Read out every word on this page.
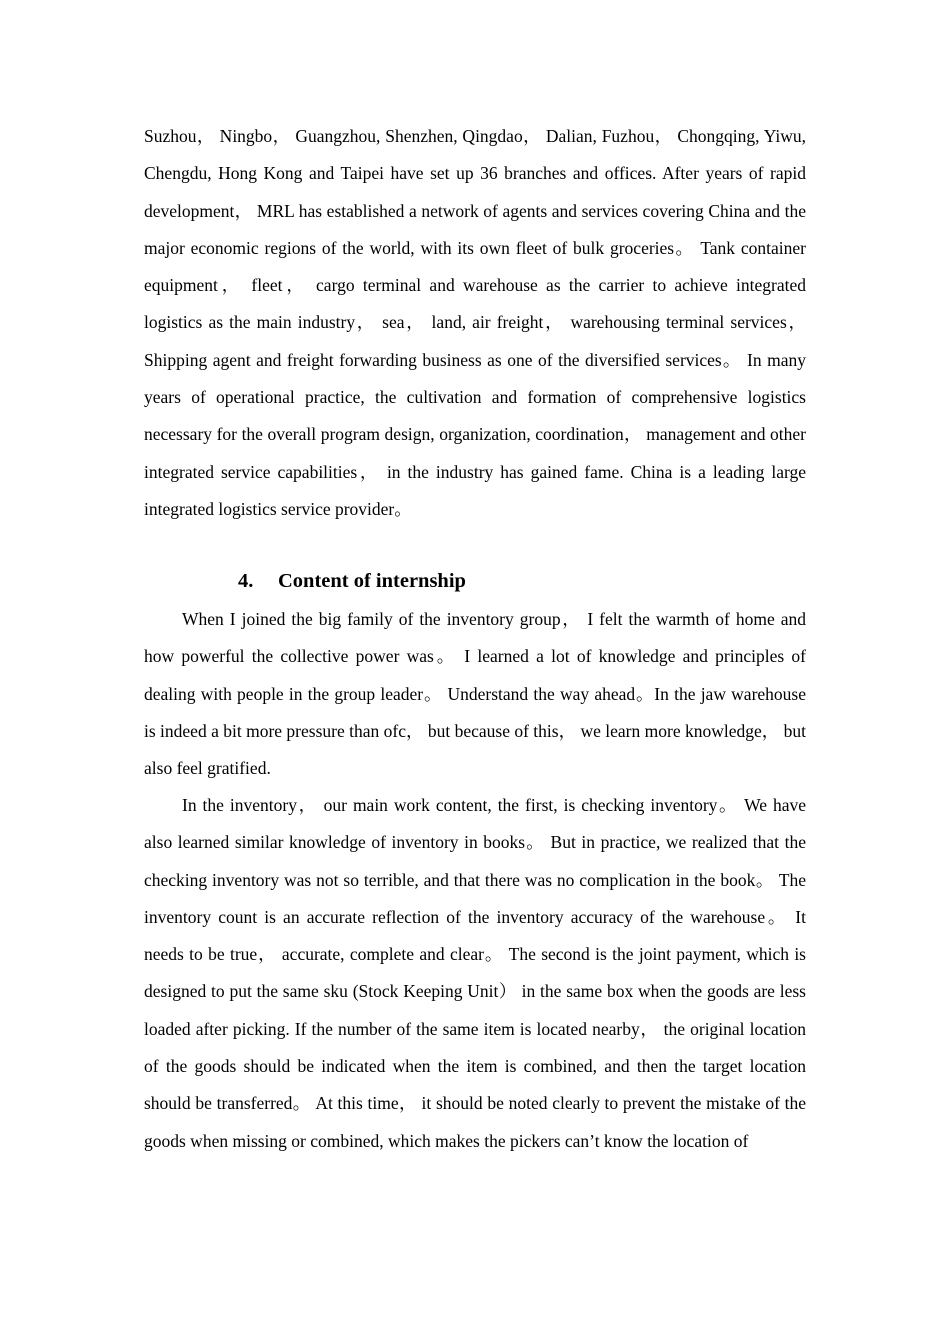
Suzhou， Ningbo， Guangzhou, Shenzhen, Qingdao， Dalian, Fuzhou， Chongqing, Yiwu, Chengdu, Hong Kong and Taipei have set up 36 branches and offices. After years of rapid development， MRL has established a network of agents and services covering China and the major economic regions of the world, with its own fleet of bulk groceries。 Tank container equipment， fleet， cargo terminal and warehouse as the carrier to achieve integrated logistics as the main industry， sea， land, air freight， warehousing terminal services， Shipping agent and freight forwarding business as one of the diversified services。 In many years of operational practice, the cultivation and formation of comprehensive logistics necessary for the overall program design, organization, coordination， management and other integrated service capabilities， in the industry has gained fame. China is a leading large integrated logistics service provider。

4. Content of internship

When I joined the big family of the inventory group， I felt the warmth of home and how powerful the collective power was。 I learned a lot of knowledge and principles of dealing with people in the group leader。 Understand the way ahead。In the jaw warehouse is indeed a bit more pressure than ofc， but because of this， we learn more knowledge， but also feel gratified.

In the inventory， our main work content, the first, is checking inventory。 We have also learned similar knowledge of inventory in books。 But in practice, we realized that the checking inventory was not so terrible, and that there was no complication in the book。 The inventory count is an accurate reflection of the inventory accuracy of the warehouse。 It needs to be true， accurate, complete and clear。 The second is the joint payment, which is designed to put the same sku (Stock Keeping Unit） in the same box when the goods are less loaded after picking. If the number of the same item is located nearby， the original location of the goods should be indicated when the item is combined, and then the target location should be transferred。 At this time， it should be noted clearly to prevent the mistake of the goods when missing or combined, which makes the pickers can’t know the location of
